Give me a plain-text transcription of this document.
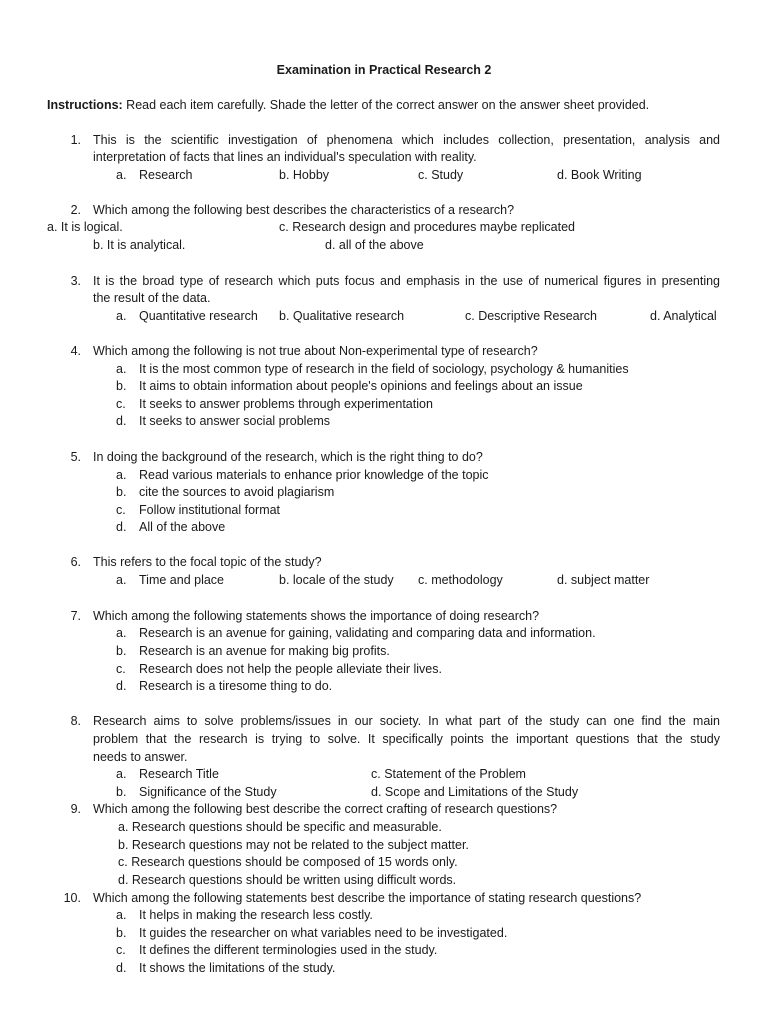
Examination in Practical Research 2
Instructions: Read each item carefully. Shade the letter of the correct answer on the answer sheet provided.
1. This is the scientific investigation of phenomena which includes collection, presentation, analysis and
interpretation of facts that lines an individual's speculation with reality.
a. Research	b. Hobby	c. Study	d. Book Writing
2. Which among the following best describes the characteristics of a research?
a. It is logical.	c. Research design and procedures maybe replicated
b. It is analytical.	d. all of the above
3. It is the broad type of research which puts focus and emphasis in the use of numerical figures in presenting
the result of the data.
a. Quantitative research b. Qualitative research	c. Descriptive Research	d. Analytical
4. Which among the following is not true about Non-experimental type of research?
a. It is the most common type of research in the field of sociology, psychology & humanities
b. It aims to obtain information about people's opinions and feelings about an issue
c. It seeks to answer problems through experimentation
d. It seeks to answer social problems
5. In doing the background of the research, which is the right thing to do?
a. Read various materials to enhance prior knowledge of the topic
b. cite the sources to avoid plagiarism
c. Follow institutional format
d. All of the above
6. This refers to the focal topic of the study?
a. Time and place	b. locale of the study c. methodology	d. subject matter
7. Which among the following statements shows the importance of doing research?
a. Research is an avenue for gaining, validating and comparing data and information.
b. Research is an avenue for making big profits.
c. Research does not help the people alleviate their lives.
d. Research is a tiresome thing to do.
8. Research aims to solve problems/issues in our society. In what part of the study can one find the main
problem that the research is trying to solve. It specifically points the important questions that the study
needs to answer.
a. Research Title	c. Statement of the Problem
b. Significance of the Study	d. Scope and Limitations of the Study
9. Which among the following best describe the correct crafting of research questions?
a. Research questions should be specific and measurable.
b. Research questions may not be related to the subject matter.
c. Research questions should be composed of 15 words only.
d. Research questions should be written using difficult words.
10. Which among the following statements best describe the importance of stating research questions?
a. It helps in making the research less costly.
b. It guides the researcher on what variables need to be investigated.
c. It defines the different terminologies used in the study.
d. It shows the limitations of the study.
